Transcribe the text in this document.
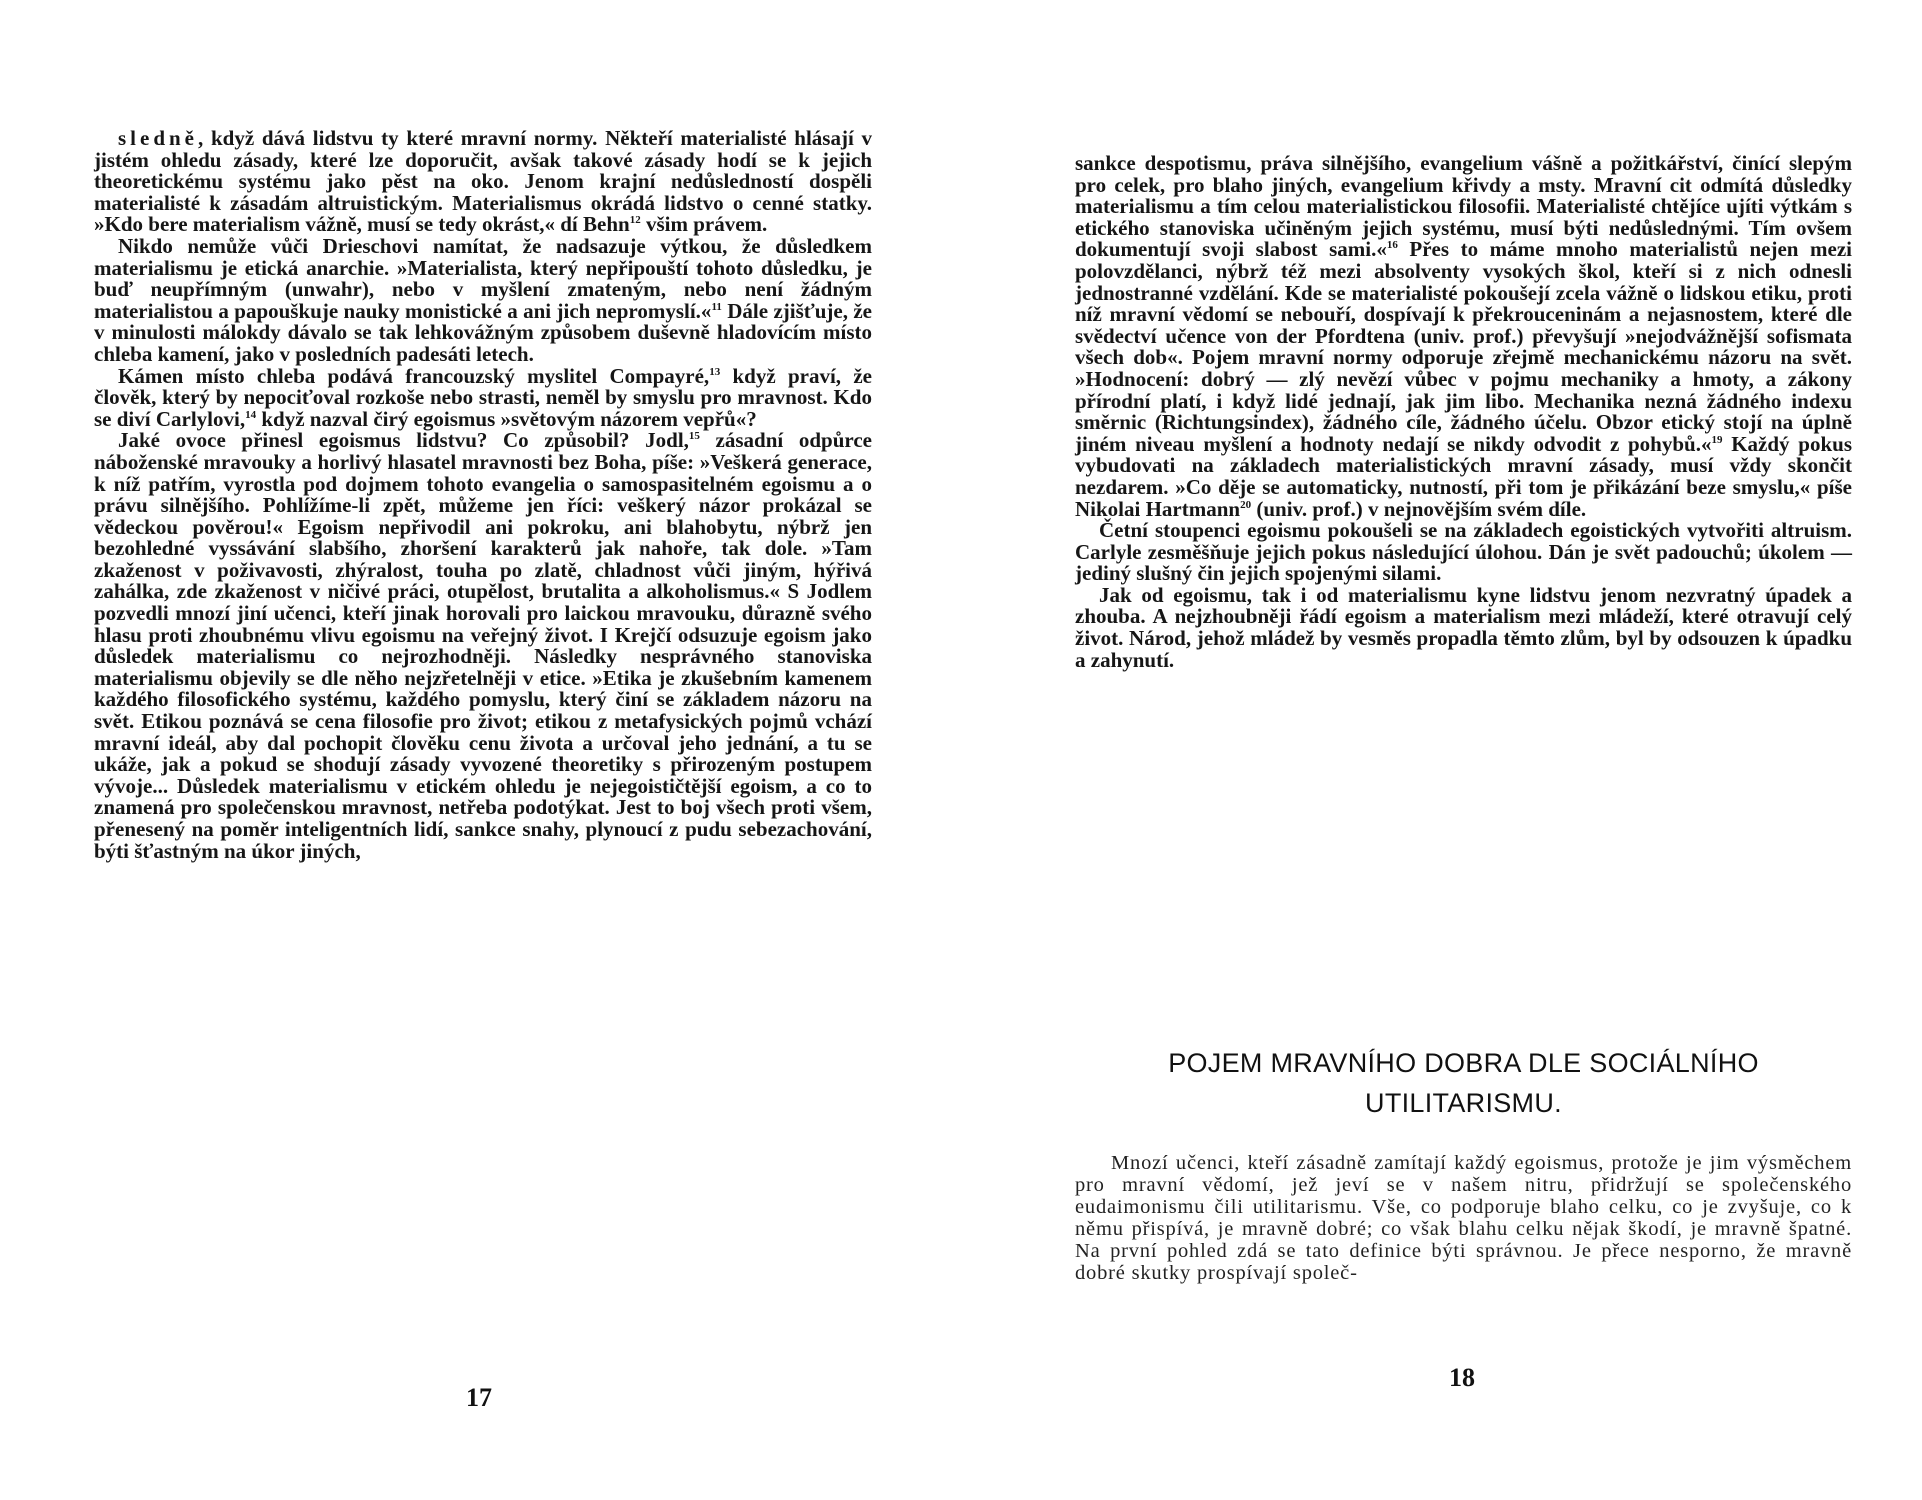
sledně, když dává lidstvu ty které mravní normy. Někteří materialisté hlásají v jistém ohledu zásady, které lze doporučit, avšak takové zásady hodí se k jejich theoretickému systému jako pěst na oko. Jenom krajní nedůsledností dospěli materialisté k zásadám altruistickým. Materialismus okrádá lidstvo o cenné statky. »Kdo bere materialism vážně, musí se tedy okrást,« dí Behn$^{12}$ všim právem.

Nikdo nemůže vůči Drieschovi namítat, že nadsazuje výtkou, že důsledkem materialismu je etická anarchie. »Materialista, který nepřipouští tohoto důsledku, je buď neupřímným (unwahr), nebo v myšlení zmateným, nebo není žádným materialistou a papouškuje nauky monistické a ani jich nepromyslí.«$^{11}$ Dále zjišťuje, že v minulosti málokdy dávalo se tak lehkovážným způsobem duševně hladovícím místo chleba kamení, jako v posledních padesáti letech.

Kámen místo chleba podává francouzský myslitel Compayré,$^{13}$ když praví, že člověk, který by nepociťoval rozkoše nebo strasti, neměl by smyslu pro mravnost. Kdo se diví Carlylovi,$^{14}$ když nazval čirý egoismus »světovým názorem vepřů«?

Jaké ovoce přinesl egoismus lidstvu? Co způsobil? Jodl,$^{15}$ zásadní odpůrce náboženské mravouky a horlivý hlasatel mravnosti bez Boha, píše: »Veškerá generace, k níž patřím, vyrostla pod dojmem tohoto evangelia o samospasitelném egoismu a o právu silnějšího. Pohlížíme-li zpět, můžeme jen říci: veškerý názor prokázal se vědeckou pověrou!« Egoism nepřivodil ani pokroku, ani blahobytu, nýbrž jen bezohledné vyssávání slabšího, zhoršení karakterů jak nahoře, tak dole. »Tam zkaženost v poživavosti, zhýralost, touha po zlatě, chladnost vůči jiným, hýřivá zahálka, zde zkaženost v ničivé práci, otupělost, brutalita a alkoholismus.« S Jodlem pozvedli mnozí jiní učenci, kteří jinak horovali pro laickou mravouku, důrazně svého hlasu proti zhoubnému vlivu egoismu na veřejný život. I Krejčí odsuzuje egoism jako důsledek materialismu co nejrozhodněji. Následky nesprávného stanoviska materialismu objevily se dle něho nejzřetelněji v etice. »Etika je zkušebním kamenem každého filosofického systému, každého pomyslu, který činí se základem názoru na svět. Etikou poznává se cena filosofie pro život; etikou z metafysických pojmů vchází mravní ideál, aby dal pochopit člověku cenu života a určoval jeho jednání, a tu se ukáže, jak a pokud se shodují zásady vyvozené theoretiky s přirozeným postupem vývoje... Důsledek materialismu v etickém ohledu je nejegoističtější egoism, a co to znamená pro společenskou mravnost, netřeba podotýkat. Jest to boj všech proti všem, přenesený na poměr inteligentních lidí, sankce snahy, plynoucí z pudu sebezachování, býti šťastným na úkor jiných,

17

sankce despotismu, práva silnějšího, evangelium vášně a požitkářství, činící slepým pro celek, pro blaho jiných, evangelium křivdy a msty. Mravní cit odmítá důsledky materialismu a tím celou materialistickou filosofii. Materialisté chtějíce ujíti výtkám s etického stanoviska učiněným jejich systému, musí býti nedůslednými. Tím ovšem dokumentují svoji slabost sami.«$^{16}$ Přes to máme mnoho materialistů nejen mezi polovzdělanci, nýbrž též mezi absolventy vysokých škol, kteří si z nich odnesli jednostranné vzdělání. Kde se materialisté pokoušejí zcela vážně o lidskou etiku, proti níž mravní vědomí se nebouří, dospívají k překrouceninám a nejasnostem, které dle svědectví učence von der Pfordtena (univ. prof.) převyšují »nejodvážnější sofismata všech dob«. Pojem mravní normy odporuje zřejmě mechanickému názoru na svět. »Hodnocení: dobrý — zlý nevězí vůbec v pojmu mechaniky a hmoty, a zákony přírodní platí, i když lidé jednají, jak jim libo. Mechanika nezná žádného indexu směrnic (Richtungsindex), žádného cíle, žádného účelu. Obzor etický stojí na úplně jiném niveau myšlení a hodnoty nedají se nikdy odvodit z pohybů.«$^{19}$ Každý pokus vybudovati na základech materialistických mravní zásady, musí vždy skončit nezdarem. »Co děje se automaticky, nutností, při tom je přikázání beze smyslu,« píše Nikolai Hartmann$^{20}$ (univ. prof.) v nejnovějším svém díle.

Četní stoupenci egoismu pokoušeli se na základech egoistických vytvořiti altruism. Carlyle zesměšňuje jejich pokus následující úlohou. Dán je svět padouchů; úkolem — jediný slušný čin jejich spojenými silami.

Jak od egoismu, tak i od materialismu kyne lidstvu jenom nezvratný úpadek a zhouba. A nejzhoubněji řádí egoism a materialism mezi mládeží, které otravují celý život. Národ, jehož mládež by vesměs propadla těmto zlům, byl by odsouzen k úpadku a zahynutí.

POJEM MRAVNÍHO DOBRA DLE SOCIÁLNÍHO
UTILITARISMU.

Mnozí učenci, kteří zásadně zamítají každý egoismus, protože je jim výsměchem pro mravní vědomí, jež jeví se v našem nitru, přidržují se společenského eudaimonismu čili utilitarismu. Vše, co podporuje blaho celku, co je zvyšuje, co k němu přispívá, je mravně dobré; co však blahu celku nějak škodí, je mravně špatné. Na první pohled zdá se tato definice býti správnou. Je přece nesporno, že mravně dobré skutky prospívají společ-

18
